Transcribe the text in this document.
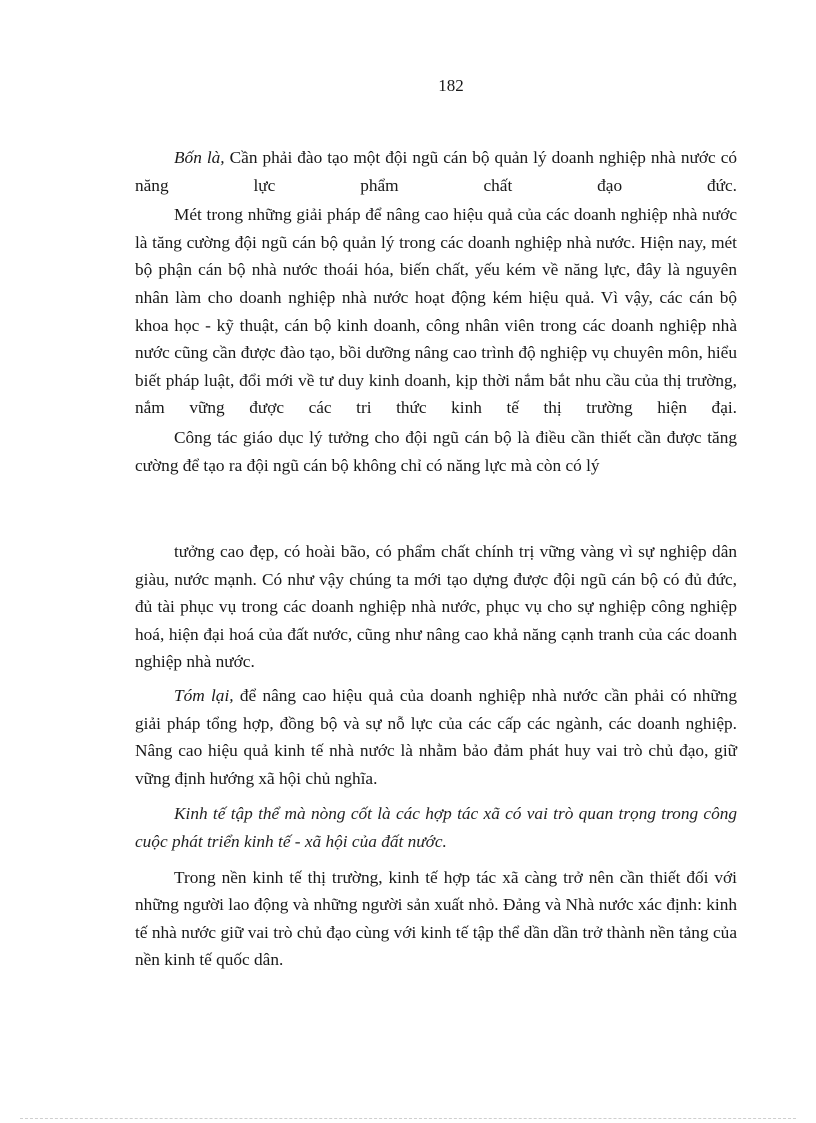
182

Bốn là, Cần phải đào tạo một đội ngũ cán bộ quản lý doanh nghiệp nhà nước có năng lực phẩm chất đạo đức.

Mét trong những giải pháp để nâng cao hiệu quả của các doanh nghiệp nhà nước là tăng cường đội ngũ cán bộ quản lý trong các doanh nghiệp nhà nước. Hiện nay, mét bộ phận cán bộ nhà nước thoái hóa, biến chất, yếu kém về năng lực, đây là nguyên nhân làm cho doanh nghiệp nhà nước hoạt động kém hiệu quả. Vì vậy, các cán bộ khoa học - kỹ thuật, cán bộ kinh doanh, công nhân viên trong các doanh nghiệp nhà nước cũng cần được đào tạo, bồi dưỡng nâng cao trình độ nghiệp vụ chuyên môn, hiểu biết pháp luật, đổi mới về tư duy kinh doanh, kịp thời nắm bắt nhu cầu của thị trường, nắm vững được các tri thức kinh tế thị trường hiện đại.

Công tác giáo dục lý tưởng cho đội ngũ cán bộ là điều cần thiết cần được tăng cường để tạo ra đội ngũ cán bộ không chỉ có năng lực mà còn có lý

tưởng cao đẹp, có hoài bão, có phẩm chất chính trị vững vàng vì sự nghiệp dân giàu, nước mạnh. Có như vậy chúng ta mới tạo dựng được đội ngũ cán bộ có đủ đức, đủ tài phục vụ trong các doanh nghiệp nhà nước, phục vụ cho sự nghiệp công nghiệp hoá, hiện đại hoá của đất nước, cũng như nâng cao khả năng cạnh tranh của các doanh nghiệp nhà nước.

Tóm lại, để nâng cao hiệu quả của doanh nghiệp nhà nước cần phải có những giải pháp tổng hợp, đồng bộ và sự nỗ lực của các cấp các ngành, các doanh nghiệp. Nâng cao hiệu quả kinh tế nhà nước là nhằm bảo đảm phát huy vai trò chủ đạo, giữ vững định hướng xã hội chủ nghĩa.

Kinh tế tập thể mà nòng cốt là các hợp tác xã có vai trò quan trọng trong công cuộc phát triển kinh tế - xã hội của đất nước.

Trong nền kinh tế thị trường, kinh tế hợp tác xã càng trở nên cần thiết đối với những người lao động và những người sản xuất nhỏ. Đảng và Nhà nước xác định: kinh tế nhà nước giữ vai trò chủ đạo cùng với kinh tế tập thể dần dần trở thành nền tảng của nền kinh tế quốc dân.
